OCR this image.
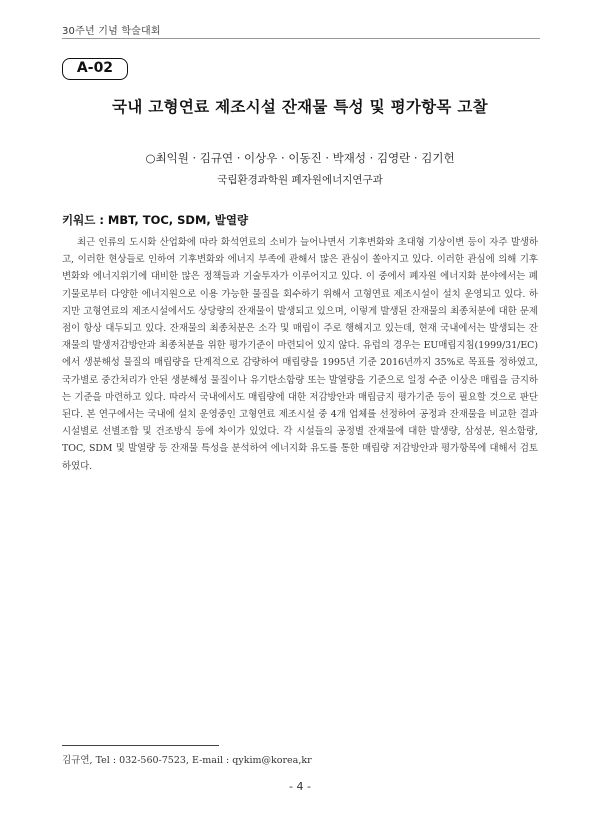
30주년 기념 학술대회
A-02
국내 고형연료 제조시설 잔재물 특성 및 평가항목 고찰
○최익원 · 김규연 · 이상우 · 이동진 · 박재성 · 김영란 · 김기헌
국립환경과학원 폐자원에너지연구과
키워드 : MBT, TOC, SDM, 발열량

최근 인류의 도시화 산업화에 따라 화석연료의 소비가 늘어나면서 기후변화와 초대형 기상이변 등이 자주 발생하고, 이러한 현상들로 인하여 기후변화와 에너지 부족에 관해서 많은 관심이 쏠아지고 있다. 이러한 관심에 의해 기후변화와 에너지위기에 대비한 많은 정책들과 기술투자가 이루어지고 있다. 이 중에서 폐자원 에너지화 분야에서는 폐기물로부터 다양한 에너지원으로 이용 가능한 물질을 회수하기 위해서 고형연료 제조시설이 설치 운영되고 있다. 하지만 고형연료의 제조시설에서도 상당량의 잔재물이 발생되고 있으며, 이렇게 발생된 잔재물의 최종처분에 대한 문제점이 항상 대두되고 있다. 잔재물의 최종처분은 소각 및 매립이 주로 행해지고 있는데, 현재 국내에서는 발생되는 잔재물의 발생저감방안과 최종처분을 위한 평가기준이 마련되어 있지 않다. 유럽의 경우는 EU매립지침(1999/31/EC)에서 생분해성 물질의 매립량을 단계적으로 감량하여 매립량을 1995년 기준 2016년까지 35%로 목표를 정하였고, 국가별로 중간처리가 안된 생분해성 물질이나 유기탄소함량 또는 발열량을 기준으로 일정 수준 이상은 매립을 금지하는 기준을 마련하고 있다. 따라서 국내에서도 매립량에 대한 저감방안과 매립금지 평가기준 등이 필요할 것으로 판단된다. 본 연구에서는 국내에 설치 운영중인 고형연료 제조시설 중 4개 업체를 선정하여 공정과 잔재물을 비교한 결과 시설별로 선별조합 및 건조방식 등에 차이가 있었다. 각 시설들의 공정별 잔재물에 대한 발생량, 삼성분, 원소함량, TOC, SDM 및 발열량 등 잔재물 특성을 분석하여 에너지화 유도를 통한 매립량 저감방안과 평가항목에 대해서 검토하였다.

김규연, Tel : 032-560-7523, E-mail : qykim@korea,kr
- 4 -
